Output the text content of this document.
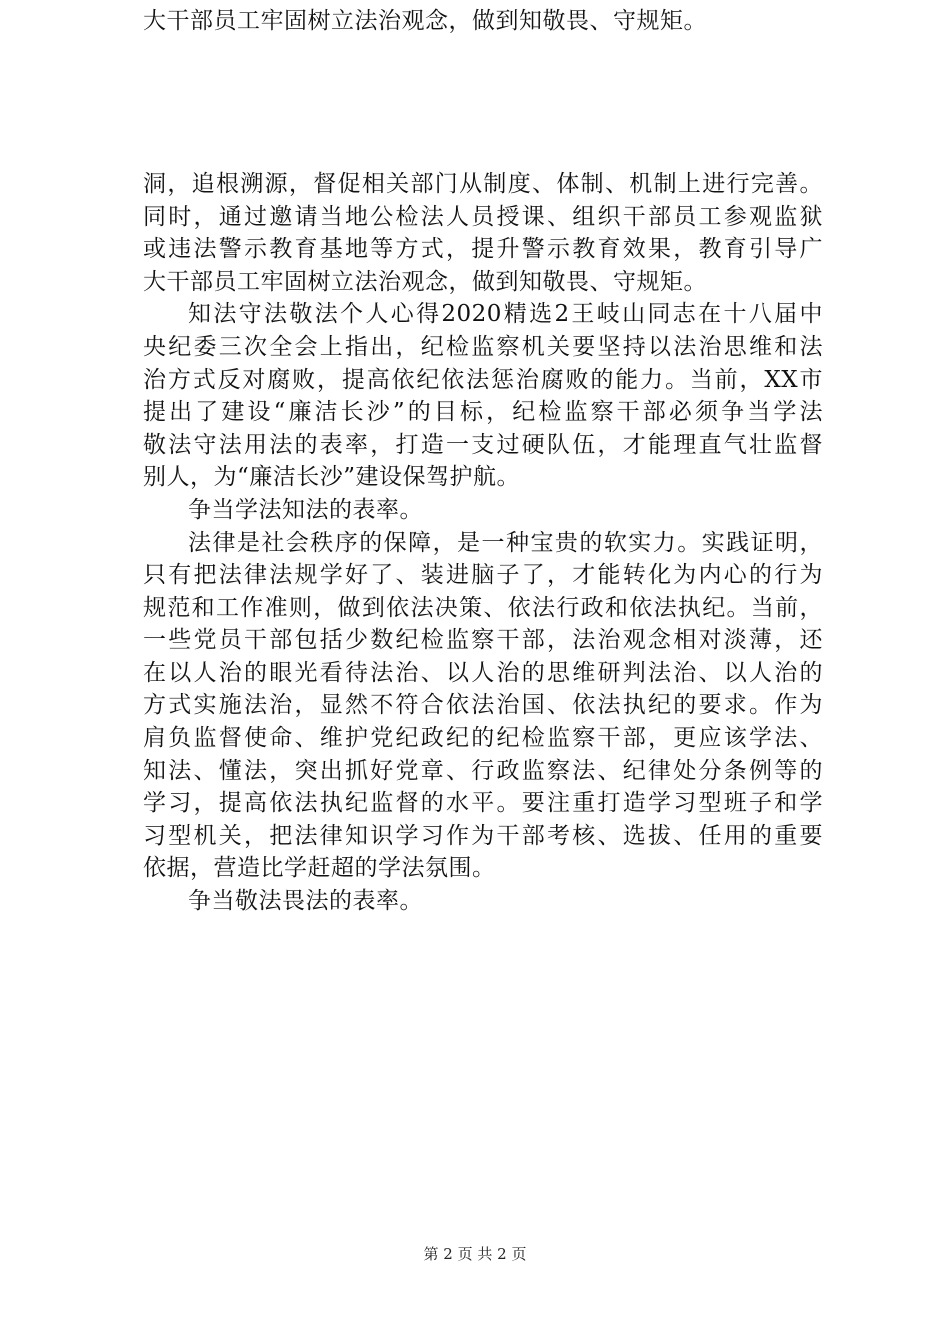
大干部员工牢固树立法治观念，做到知敬畏、守规矩。
洞，追根溯源，督促相关部门从制度、体制、机制上进行完善。
同时，通过邀请当地公检法人员授课、组织干部员工参观监狱
或违法警示教育基地等方式，提升警示教育效果，教育引导广
大干部员工牢固树立法治观念，做到知敬畏、守规矩。
知法守法敬法个人心得2020精选2王岐山同志在十八届中
央纪委三次全会上指出，纪检监察机关要坚持以法治思维和法
治方式反对腐败，提高依纪依法惩治腐败的能力。当前，XX市
提出了建设“廉洁长沙”的目标，纪检监察干部必须争当学法
敬法守法用法的表率，打造一支过硬队伍，才能理直气壮监督
别人，为“廉洁长沙”建设保驾护航。
争当学法知法的表率。
法律是社会秩序的保障，是一种宝贵的软实力。实践证明，
只有把法律法规学好了、装进脑子了，才能转化为内心的行为
规范和工作准则，做到依法决策、依法行政和依法执纪。当前，
一些党员干部包括少数纪检监察干部，法治观念相对淡薄，还
在以人治的眼光看待法治、以人治的思维研判法治、以人治的
方式实施法治，显然不符合依法治国、依法执纪的要求。作为
肩负监督使命、维护党纪政纪的纪检监察干部，更应该学法、
知法、懂法，突出抓好党章、行政监察法、纪律处分条例等的
学习，提高依法执纪监督的水平。要注重打造学习型班子和学
习型机关，把法律知识学习作为干部考核、选拔、任用的重要
依据，营造比学赶超的学法氛围。
争当敬法畏法的表率。
第 2 页 共 2 页
